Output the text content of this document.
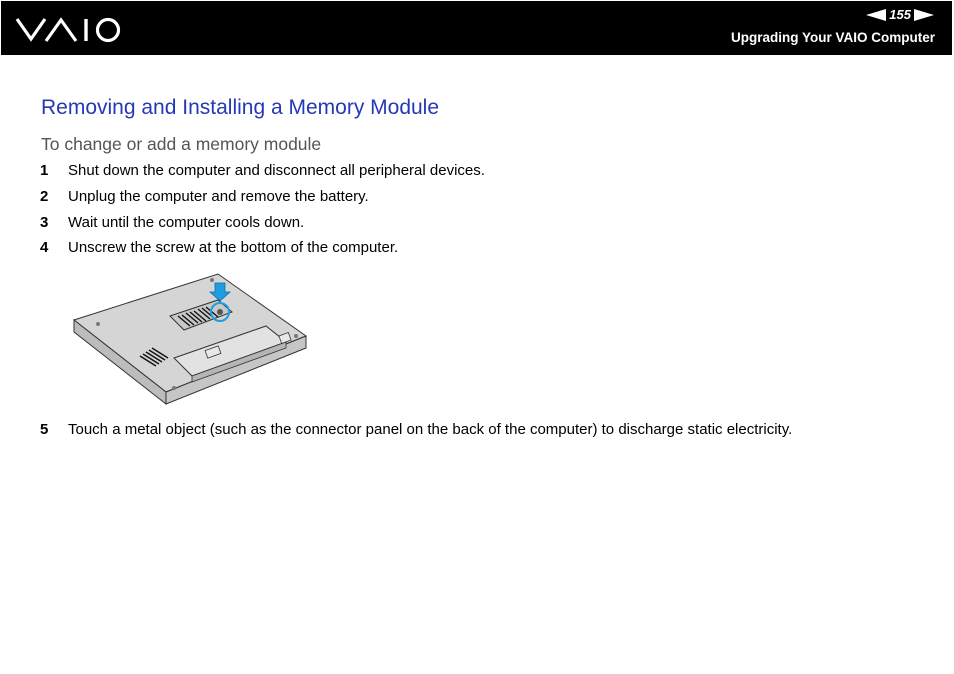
155
Upgrading Your VAIO Computer
Removing and Installing a Memory Module
To change or add a memory module
1 Shut down the computer and disconnect all peripheral devices.
2 Unplug the computer and remove the battery.
3 Wait until the computer cools down.
4 Unscrew the screw at the bottom of the computer.
5 Touch a metal object (such as the connector panel on the back of the computer) to discharge static electricity.
